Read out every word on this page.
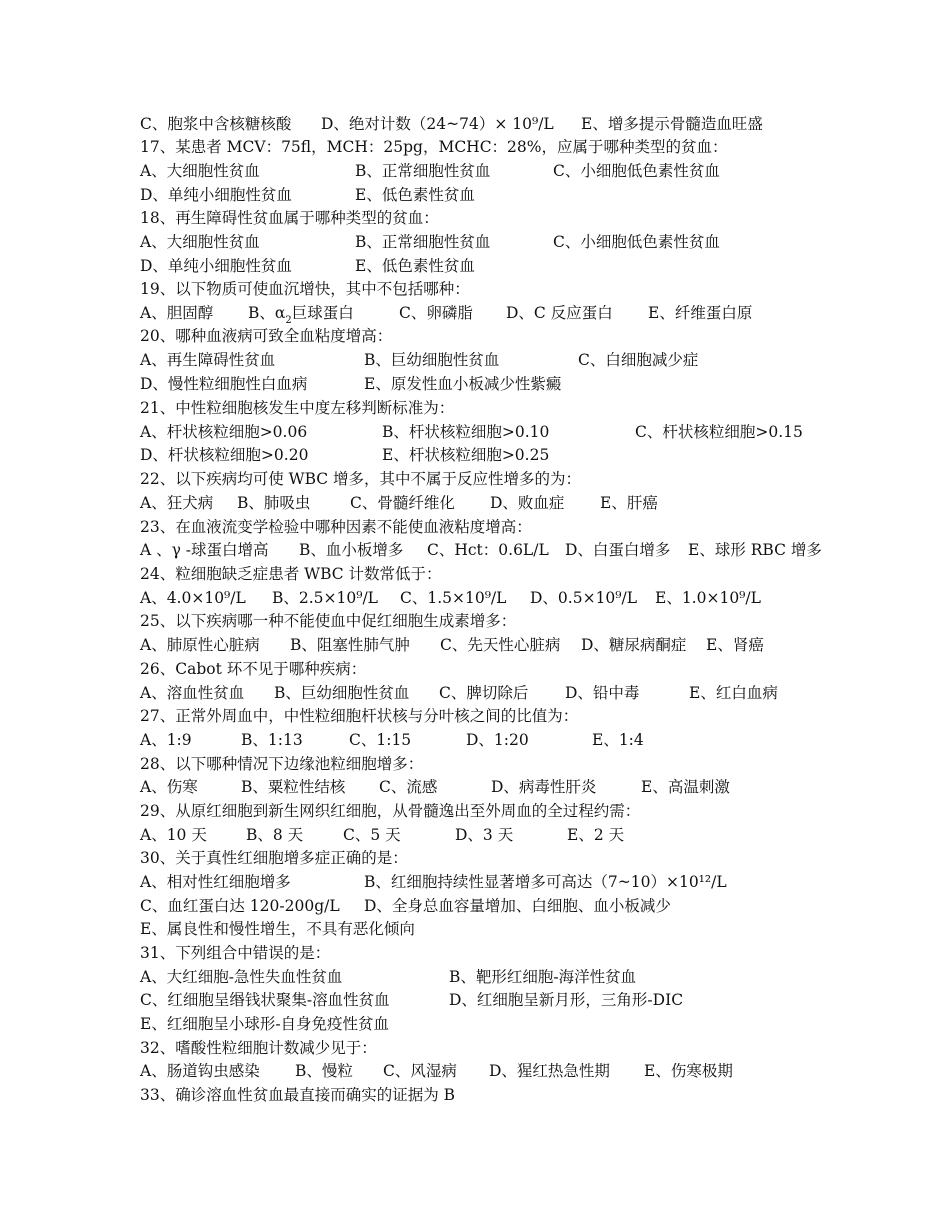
C、胞浆中含核糖核酸 D、绝对计数（24~74）× 10⁹/L E、增多提示骨髓造血旺盛
17、某患者 MCV：75fl，MCH：25pg，MCHC：28%，应属于哪种类型的贫血：
A、大细胞性贫血	B、正常细胞性贫血	C、小细胞低色素性贫血
D、单纯小细胞性贫血	E、低色素性贫血
18、再生障碍性贫血属于哪种类型的贫血：
A、大细胞性贫血	B、正常细胞性贫血	C、小细胞低色素性贫血
D、单纯小细胞性贫血	E、低色素性贫血
19、以下物质可使血沉增快，其中不包括哪种：
A、胆固醇 B、$\alpha_2$巨球蛋白	C、卵磷脂 D、C 反应蛋白 E、纤维蛋白原
20、哪种血液病可致全血粘度增高：
A、再生障碍性贫血	B、巨幼细胞性贫血	C、白细胞减少症
D、慢性粒细胞性白血病	E、原发性血小板减少性紫癜
21、中性粒细胞核发生中度左移判断标准为：
A、杆状核粒细胞>0.06	B、杆状核粒细胞>0.10	C、杆状核粒细胞>0.15
D、杆状核粒细胞>0.20	E、杆状核粒细胞>0.25
22、以下疾病均可使 WBC 增多，其中不属于反应性增多的为：
A、狂犬病 B、肺吸虫	C、骨髓纤维化 D、败血症 E、肝癌
23、在血液流变学检验中哪种因素不能使血液粘度增高：
A 、γ -球蛋白增高 B、血小板增多 C、Hct：0.6L/L D、白蛋白增多 E、球形 RBC 增多
24、粒细胞缺乏症患者 WBC 计数常低于：
A、4.0×10⁹/L B、2.5×10⁹/L C、1.5×10⁹/L D、0.5×10⁹/L E、1.0×10⁹/L
25、以下疾病哪一种不能使血中促红细胞生成素增多：
A、肺原性心脏病 B、阻塞性肺气肿 C、先天性心脏病 D、糖尿病酮症 E、肾癌
26、Cabot 环不见于哪种疾病：
A、溶血性贫血 B、巨幼细胞性贫血 C、脾切除后 D、铅中毒	E、红白血病
27、正常外周血中，中性粒细胞杆状核与分叶核之间的比值为：
A、1:9	B、1:13	C、1:15	D、1:20	E、1:4
28、以下哪种情况下边缘池粒细胞增多：
A、伤寒	B、粟粒性结核 C、流感	D、病毒性肝炎	E、高温刺激
29、从原红细胞到新生网织红细胞，从骨髓逸出至外周血的全过程约需：
A、10 天	B、8 天	C、5 天	D、3 天	E、2 天
30、关于真性红细胞增多症正确的是：
A、相对性红细胞增多	B、红细胞持续性显著增多可高达（7~10）×10¹²/L
C、血红蛋白达 120-200g/L D、全身总血容量增加、白细胞、血小板减少
E、属良性和慢性增生，不具有恶化倾向
31、下列组合中错误的是：
A、大红细胞-急性失血性贫血	B、靶形红细胞-海洋性贫血
C、红细胞呈缗钱状聚集-溶血性贫血	D、红细胞呈新月形，三角形-DIC
E、红细胞呈小球形-自身免疫性贫血
32、嗜酸性粒细胞计数减少见于：
A、肠道钩虫感染 B、慢粒 C、风湿病 D、猩红热急性期 E、伤寒极期
33、确诊溶血性贫血最直接而确实的证据为 B
